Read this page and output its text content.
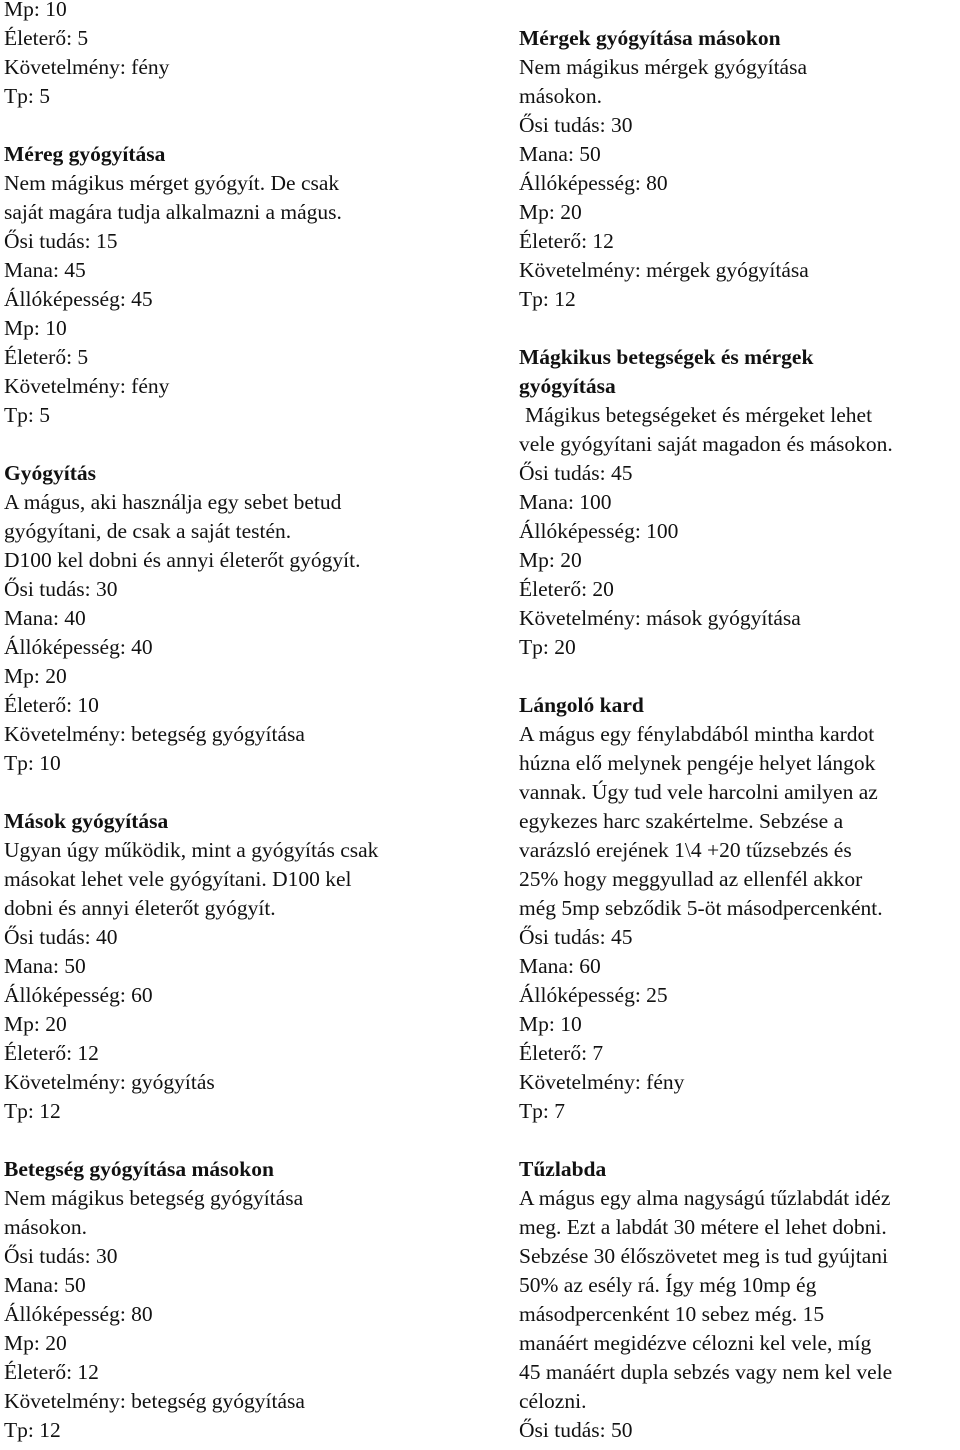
Mp: 10
Életerő: 5
Követelmény: fény
Tp: 5
Méreg gyógyítása
Nem mágikus mérget gyógyít. De csak
saját magára tudja alkalmazni a mágus.
Ősi tudás: 15
Mana: 45
Állóképesség: 45
Mp: 10
Életerő: 5
Követelmény: fény
Tp: 5
Gyógyítás
A mágus, aki használja egy sebet betud
gyógyítani, de csak a saját testén.
D100 kel dobni és annyi életerőt gyógyít.
Ősi tudás: 30
Mana: 40
Állóképesség: 40
Mp: 20
Életerő: 10
Követelmény: betegség gyógyítása
Tp: 10
Mások gyógyítása
Ugyan úgy működik, mint a gyógyítás csak
másokat lehet vele gyógyítani. D100 kel
dobni és annyi életerőt gyógyít.
Ősi tudás: 40
Mana: 50
Állóképesség: 60
Mp: 20
Életerő: 12
Követelmény: gyógyítás
Tp: 12
Betegség gyógyítása másokon
Nem mágikus betegség gyógyítása
másokon.
Ősi tudás: 30
Mana: 50
Állóképesség: 80
Mp: 20
Életerő: 12
Követelmény: betegség gyógyítása
Tp: 12
Mérgek gyógyítása másokon
Nem mágikus mérgek gyógyítása
másokon.
Ősi tudás: 30
Mana: 50
Állóképesség: 80
Mp: 20
Életerő: 12
Követelmény: mérgek gyógyítása
Tp: 12
Mágkikus betegségek és mérgek
gyógyítása
Mágikus betegségeket és mérgeket lehet
vele gyógyítani saját magadon és másokon.
Ősi tudás: 45
Mana: 100
Állóképesség: 100
Mp: 20
Életerő: 20
Követelmény: mások gyógyítása
Tp: 20
Lángoló kard
A mágus egy fénylabdából mintha kardot
húzna elő melynek pengéje helyet lángok
vannak. Úgy tud vele harcolni amilyen az
egykezes harc szakértelme. Sebzése a
varázsló erejének 1\4 +20 tűzsebzés és
25% hogy meggyullad az ellenfél akkor
még 5mp sebződik 5-öt másodpercenként.
Ősi tudás: 45
Mana: 60
Állóképesség: 25
Mp: 10
Életerő: 7
Követelmény: fény
Tp: 7
Tűzlabda
A mágus egy alma nagyságú tűzlabdát idéz
meg. Ezt a labdát 30 métere el lehet dobni.
Sebzése 30 élőszövetet meg is tud gyújtani
50% az esély rá. Így még 10mp ég
másodpercenként 10 sebez még. 15
manáért megidézve célozni kel vele, míg
45 manáért dupla sebzés vagy nem kel vele
célozni.
Ősi tudás: 50
